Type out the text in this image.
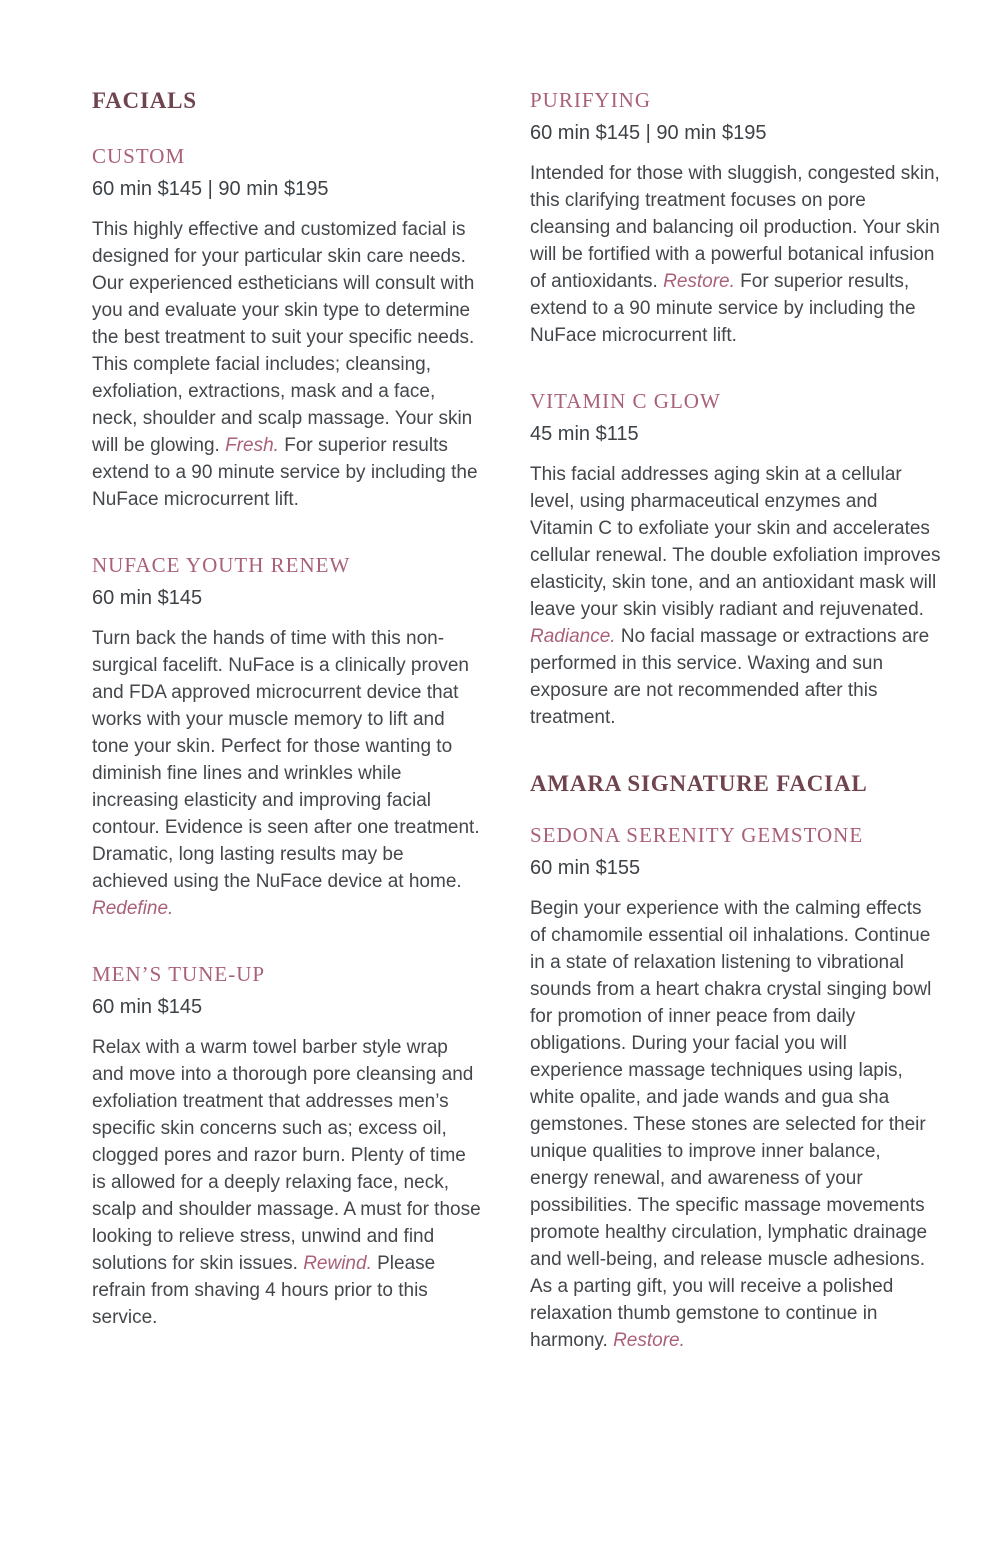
FACIALS
CUSTOM
60 min $145 | 90 min $195

This highly effective and customized facial is designed for your particular skin care needs. Our experienced estheticians will consult with you and evaluate your skin type to determine the best treatment to suit your specific needs. This complete facial includes; cleansing, exfoliation, extractions, mask and a face, neck, shoulder and scalp massage. Your skin will be glowing. Fresh. For superior results extend to a 90 minute service by including the NuFace microcurrent lift.

NUFACE YOUTH RENEW
60 min $145

Turn back the hands of time with this non-surgical facelift. NuFace is a clinically proven and FDA approved microcurrent device that works with your muscle memory to lift and tone your skin. Perfect for those wanting to diminish fine lines and wrinkles while increasing elasticity and improving facial contour. Evidence is seen after one treatment. Dramatic, long lasting results may be achieved using the NuFace device at home. Redefine.

MEN’S TUNE-UP
60 min $145

Relax with a warm towel barber style wrap and move into a thorough pore cleansing and exfoliation treatment that addresses men’s specific skin concerns such as; excess oil, clogged pores and razor burn. Plenty of time is allowed for a deeply relaxing face, neck, scalp and shoulder massage. A must for those looking to relieve stress, unwind and find solutions for skin issues. Rewind. Please refrain from shaving 4 hours prior to this service.

PURIFYING
60 min $145 | 90 min $195

Intended for those with sluggish, congested skin, this clarifying treatment focuses on pore cleansing and balancing oil production. Your skin will be fortified with a powerful botanical infusion of antioxidants. Restore. For superior results, extend to a 90 minute service by including the NuFace microcurrent lift.

VITAMIN C GLOW
45 min $115

This facial addresses aging skin at a cellular level, using pharmaceutical enzymes and Vitamin C to exfoliate your skin and accelerates cellular renewal. The double exfoliation improves elasticity, skin tone, and an antioxidant mask will leave your skin visibly radiant and rejuvenated. Radiance. No facial massage or extractions are performed in this service. Waxing and sun exposure are not recommended after this treatment.

AMARA SIGNATURE FACIAL
SEDONA SERENITY GEMSTONE
60 min $155

Begin your experience with the calming effects of chamomile essential oil inhalations. Continue in a state of relaxation listening to vibrational sounds from a heart chakra crystal singing bowl for promotion of inner peace from daily obligations. During your facial you will experience massage techniques using lapis, white opalite, and jade wands and gua sha gemstones. These stones are selected for their unique qualities to improve inner balance, energy renewal, and awareness of your possibilities. The specific massage movements promote healthy circulation, lymphatic drainage and well-being, and release muscle adhesions. As a parting gift, you will receive a polished relaxation thumb gemstone to continue in harmony. Restore.
